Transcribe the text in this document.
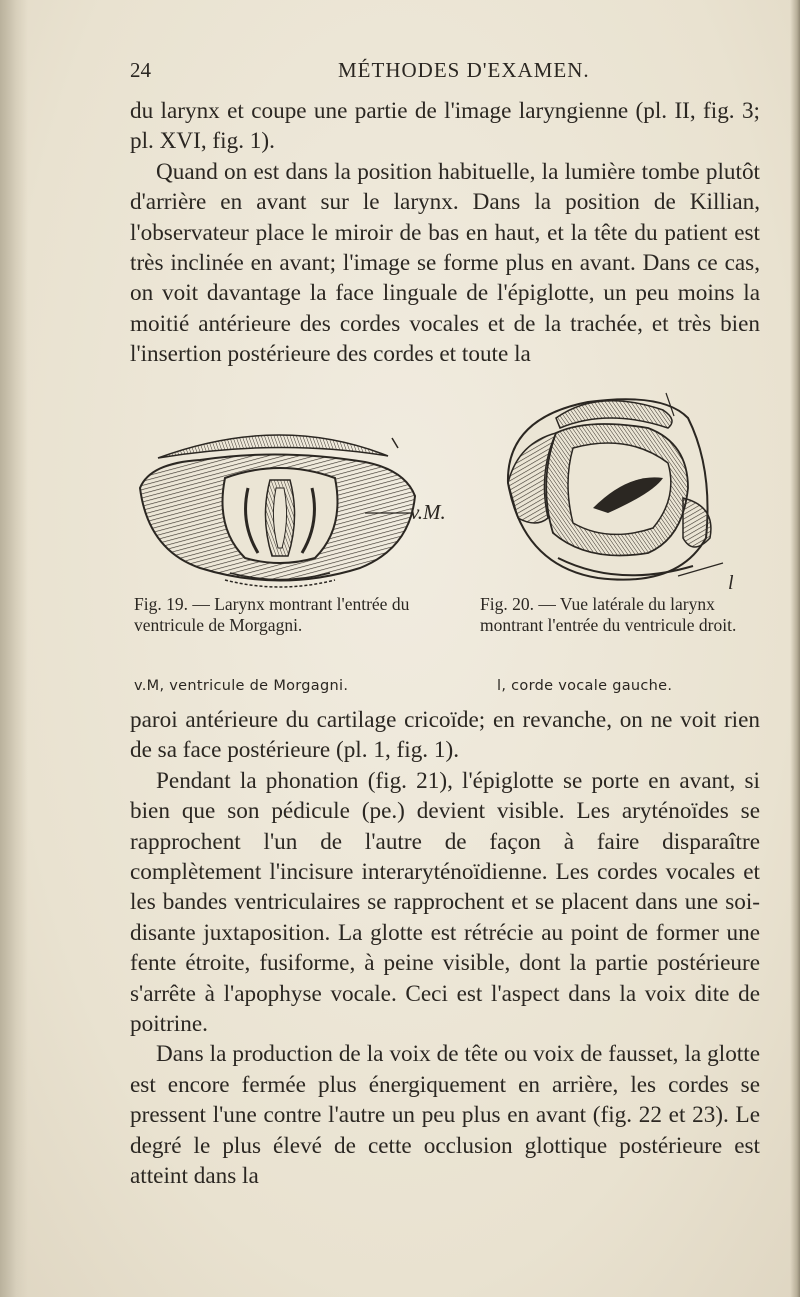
24	MÉTHODES D'EXAMEN.

du larynx et coupe une partie de l'image laryngienne (pl. II, fig. 3; pl. XVI, fig. 1).

Quand on est dans la position habituelle, la lumière tombe plutôt d'arrière en avant sur le larynx. Dans la position de Killian, l'observateur place le miroir de bas en haut, et la tête du patient est très inclinée en avant; l'image se forme plus en avant. Dans ce cas, on voit davantage la face linguale de l'épiglotte, un peu moins la moitié antérieure des cordes vocales et de la trachée, et très bien l'insertion postérieure des cordes et toute la

v.M.
l
Fig. 19. — Larynx montrant l'entrée du ventricule de Morgagni.
Fig. 20. — Vue latérale du larynx montrant l'entrée du ventricule droit.
v.M, ventricule de Morgagni.	l, corde vocale gauche.

paroi antérieure du cartilage cricoïde; en revanche, on ne voit rien de sa face postérieure (pl. 1, fig. 1).

Pendant la phonation (fig. 21), l'épiglotte se porte en avant, si bien que son pédicule (pe.) devient visible. Les aryténoïdes se rapprochent l'un de l'autre de façon à faire disparaître complètement l'incisure interaryténoïdienne. Les cordes vocales et les bandes ventriculaires se rapprochent et se placent dans une soi-disante juxtaposition. La glotte est rétrécie au point de former une fente étroite, fusiforme, à peine visible, dont la partie postérieure s'arrête à l'apophyse vocale. Ceci est l'aspect dans la voix dite de poitrine.

Dans la production de la voix de tête ou voix de fausset, la glotte est encore fermée plus énergiquement en arrière, les cordes se pressent l'une contre l'autre un peu plus en avant (fig. 22 et 23). Le degré le plus élevé de cette occlusion glottique postérieure est atteint dans la
